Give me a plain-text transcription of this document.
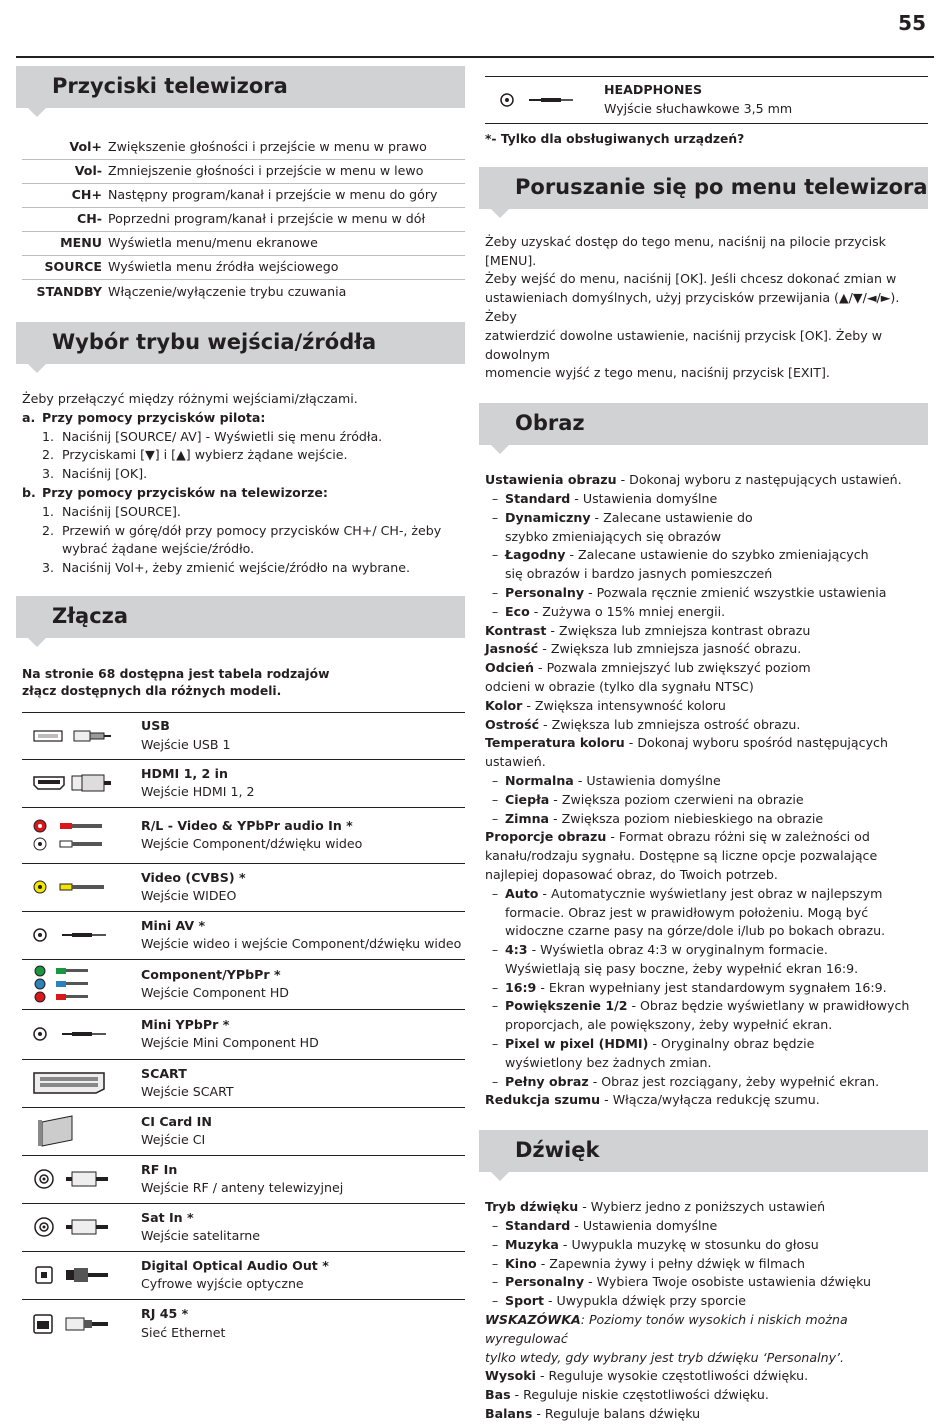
55
Przyciski telewizora
Vol+ Zwiększenie głośności i przejście w menu w prawo
Vol- Zmniejszenie głośności i przejście w menu w lewo
CH+ Następny program/kanał i przejście w menu do góry
CH- Poprzedni program/kanał i przejście w menu w dół
MENU Wyświetla menu/menu ekranowe
SOURCE Wyświetla menu źródła wejściowego
STANDBY Włączenie/wyłączenie trybu czuwania
Wybór trybu wejścia/źródła
Żeby przełączyć między różnymi wejściami/złączami.
a. Przy pomocy przycisków pilota:
1. Naciśnij [SOURCE/ AV] - Wyświetli się menu źródła.
2. Przyciskami [▼] i [▲] wybierz żądane wejście.
3. Naciśnij [OK].
b. Przy pomocy przycisków na telewizorze:
1. Naciśnij [SOURCE].
2. Przewiń w górę/dół przy pomocy przycisków CH+/ CH-, żeby
wybrać żądane wejście/źródło.
3. Naciśnij Vol+, żeby zmienić wejście/źródło na wybrane.
Złącza
Na stronie 68 dostępna jest tabela rodzajów
złącz dostępnych dla różnych modeli.
USB
Wejście USB 1
HDMI 1, 2 in
Wejście HDMI 1, 2
R/L - Video & YPbPr audio In *
Wejście Component/dźwięku wideo
Video (CVBS) *
Wejście WIDEO
Mini AV *
Wejście wideo i wejście Component/dźwięku wideo
Component/YPbPr *
Wejście Component HD
Mini YPbPr *
Wejście Mini Component HD
SCART
Wejście SCART
CI Card IN
Wejście CI
RF In
Wejście RF / anteny telewizyjnej
Sat In *
Wejście satelitarne
Digital Optical Audio Out *
Cyfrowe wyjście optyczne
RJ 45 *
Sieć Ethernet
HEADPHONES
Wyjście słuchawkowe 3,5 mm
*- Tylko dla obsługiwanych urządzeń?
Poruszanie się po menu telewizora
Żeby uzyskać dostęp do tego menu, naciśnij na pilocie przycisk [MENU].
Żeby wejść do menu, naciśnij [OK]. Jeśli chcesz dokonać zmian w
ustawieniach domyślnych, użyj przycisków przewijania (▲/▼/◄/►). Żeby
zatwierdzić dowolne ustawienie, naciśnij przycisk [OK]. Żeby w dowolnym
momencie wyjść z tego menu, naciśnij przycisk [EXIT].
Obraz
Ustawienia obrazu - Dokonaj wyboru z następujących ustawień.
– Standard - Ustawienia domyślne
– Dynamiczny - Zalecane ustawienie do
szybko zmieniających się obrazów
– Łagodny - Zalecane ustawienie do szybko zmieniających
się obrazów i bardzo jasnych pomieszczeń
– Personalny - Pozwala ręcznie zmienić wszystkie ustawienia
– Eco - Zużywa o 15% mniej energii.
Kontrast - Zwiększa lub zmniejsza kontrast obrazu
Jasność - Zwiększa lub zmniejsza jasność obrazu.
Odcień - Pozwala zmniejszyć lub zwiększyć poziom
odcieni w obrazie (tylko dla sygnału NTSC)
Kolor - Zwiększa intensywność koloru
Ostrość - Zwiększa lub zmniejsza ostrość obrazu.
Temperatura koloru - Dokonaj wyboru spośród następujących ustawień.
– Normalna - Ustawienia domyślne
– Ciepła - Zwiększa poziom czerwieni na obrazie
– Zimna - Zwiększa poziom niebieskiego na obrazie
Proporcje obrazu - Format obrazu różni się w zależności od
kanału/rodzaju sygnału. Dostępne są liczne opcje pozwalające
najlepiej dopasować obraz, do Twoich potrzeb.
– Auto - Automatycznie wyświetlany jest obraz w najlepszym
formacie. Obraz jest w prawidłowym położeniu. Mogą być
widoczne czarne pasy na górze/dole i/lub po bokach obrazu.
– 4:3 - Wyświetla obraz 4:3 w oryginalnym formacie.
Wyświetlają się pasy boczne, żeby wypełnić ekran 16:9.
– 16:9 - Ekran wypełniany jest standardowym sygnałem 16:9.
– Powiększenie 1/2 - Obraz będzie wyświetlany w prawidłowych
proporcjach, ale powiększony, żeby wypełnić ekran.
– Pixel w pixel (HDMI) - Oryginalny obraz będzie
wyświetlony bez żadnych zmian.
– Pełny obraz - Obraz jest rozciągany, żeby wypełnić ekran.
Redukcja szumu - Włącza/wyłącza redukcję szumu.
Dźwięk
Tryb dźwięku - Wybierz jedno z poniższych ustawień
– Standard - Ustawienia domyślne
– Muzyka - Uwypukla muzykę w stosunku do głosu
– Kino - Zapewnia żywy i pełny dźwięk w filmach
– Personalny - Wybiera Twoje osobiste ustawienia dźwięku
– Sport - Uwypukla dźwięk przy sporcie
WSKAZÓWKA: Poziomy tonów wysokich i niskich można wyregulować
tylko wtedy, gdy wybrany jest tryb dźwięku ‘Personalny’.
Wysoki - Reguluje wysokie częstotliwości dźwięku.
Bas - Reguluje niskie częstotliwości dźwięku.
Balans - Reguluje balans dźwięku
